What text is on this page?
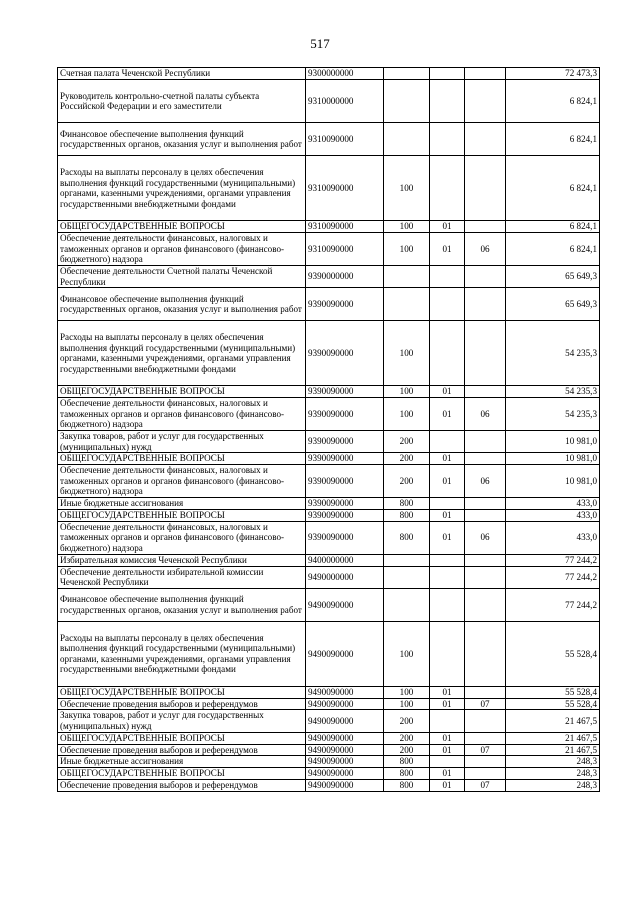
517
Счетная палата Чеченской Республики	9300000000				72 473,3
Руководитель контрольно-счетной палаты субъекта Российской Федерации и его заместители	9310000000				6 824,1
Финансовое обеспечение выполнения функций государственных органов, оказания услуг и выполнения работ	9310090000				6 824,1
Расходы на выплаты персоналу в целях обеспечения выполнения функций государственными (муниципальными) органами, казенными учреждениями, органами управления государственными внебюджетными фондами	9310090000	100			6 824,1
ОБЩЕГОСУДАРСТВЕННЫЕ ВОПРОСЫ	9310090000	100	01		6 824,1
Обеспечение деятельности финансовых, налоговых и таможенных органов и органов финансового (финансово-бюджетного) надзора	9310090000	100	01	06	6 824,1
Обеспечение деятельности Счетной палаты Чеченской Республики	9390000000				65 649,3
Финансовое обеспечение выполнения функций государственных органов, оказания услуг и выполнения работ	9390090000				65 649,3
Расходы на выплаты персоналу в целях обеспечения выполнения функций государственными (муниципальными) органами, казенными учреждениями, органами управления государственными внебюджетными фондами	9390090000	100			54 235,3
ОБЩЕГОСУДАРСТВЕННЫЕ ВОПРОСЫ	9390090000	100	01		54 235,3
Обеспечение деятельности финансовых, налоговых и таможенных органов и органов финансового (финансово-бюджетного) надзора	9390090000	100	01	06	54 235,3
Закупка товаров, работ и услуг для государственных (муниципальных) нужд	9390090000	200			10 981,0
ОБЩЕГОСУДАРСТВЕННЫЕ ВОПРОСЫ	9390090000	200	01		10 981,0
Обеспечение деятельности финансовых, налоговых и таможенных органов и органов финансового (финансово-бюджетного) надзора	9390090000	200	01	06	10 981,0
Иные бюджетные ассигнования	9390090000	800			433,0
ОБЩЕГОСУДАРСТВЕННЫЕ ВОПРОСЫ	9390090000	800	01		433,0
Обеспечение деятельности финансовых, налоговых и таможенных органов и органов финансового (финансово-бюджетного) надзора	9390090000	800	01	06	433,0
Избирательная комиссия Чеченской Республики	9400000000				77 244,2
Обеспечение деятельности избирательной комиссии Чеченской Республики	9490000000				77 244,2
Финансовое обеспечение выполнения функций государственных органов, оказания услуг и выполнения работ	9490090000				77 244,2
Расходы на выплаты персоналу в целях обеспечения выполнения функций государственными (муниципальными) органами, казенными учреждениями, органами управления государственными внебюджетными фондами	9490090000	100			55 528,4
ОБЩЕГОСУДАРСТВЕННЫЕ ВОПРОСЫ	9490090000	100	01		55 528,4
Обеспечение проведения выборов и референдумов	9490090000	100	01	07	55 528,4
Закупка товаров, работ и услуг для государственных (муниципальных) нужд	9490090000	200			21 467,5
ОБЩЕГОСУДАРСТВЕННЫЕ ВОПРОСЫ	9490090000	200	01		21 467,5
Обеспечение проведения выборов и референдумов	9490090000	200	01	07	21 467,5
Иные бюджетные ассигнования	9490090000	800			248,3
ОБЩЕГОСУДАРСТВЕННЫЕ ВОПРОСЫ	9490090000	800	01		248,3
Обеспечение проведения выборов и референдумов	9490090000	800	01	07	248,3
